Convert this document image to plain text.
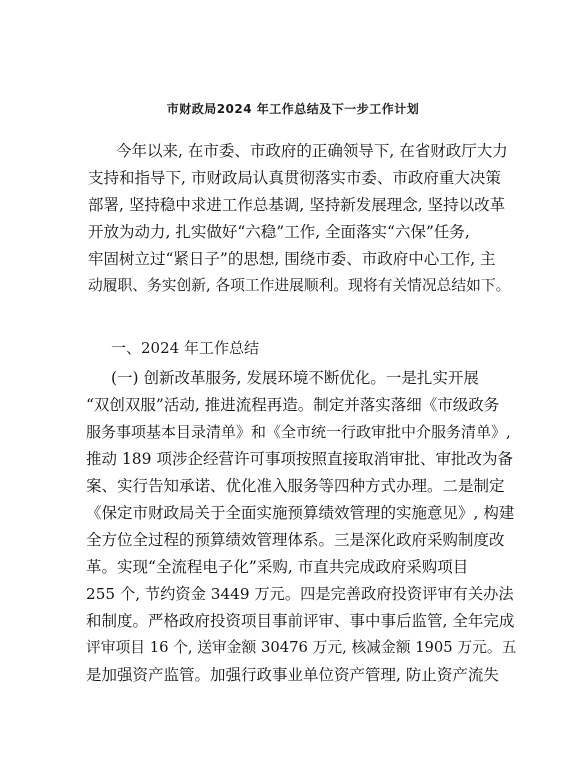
市财政局2024 年工作总结及下一步工作计划
今年以来, 在市委、市政府的正确领导下, 在省财政厅大力
支持和指导下, 市财政局认真贯彻落实市委、市政府重大决策
部署, 坚持稳中求进工作总基调, 坚持新发展理念, 坚持以改革
开放为动力, 扎实做好“六稳”工作, 全面落实“六保”任务,
牢固树立过“紧日子”的思想, 围绕市委、市政府中心工作, 主
动履职、务实创新, 各项工作进展顺利。现将有关情况总结如下。
一、2024 年工作总结
(一) 创新改革服务, 发展环境不断优化。一是扎实开展
“双创双服”活动, 推进流程再造。制定并落实落细《市级政务
服务事项基本目录清单》和《全市统一行政审批中介服务清单》,
推动 189 项涉企经营许可事项按照直接取消审批、审批改为备
案、实行告知承诺、优化准入服务等四种方式办理。二是制定
《保定市财政局关于全面实施预算绩效管理的实施意见》, 构建
全方位全过程的预算绩效管理体系。三是深化政府采购制度改
革。实现“全流程电子化”采购, 市直共完成政府采购项目
255 个, 节约资金 3449 万元。四是完善政府投资评审有关办法
和制度。严格政府投资项目事前评审、事中事后监管, 全年完成
评审项目 16 个, 送审金额 30476 万元, 核减金额 1905 万元。五
是加强资产监管。加强行政事业单位资产管理, 防止资产流失
